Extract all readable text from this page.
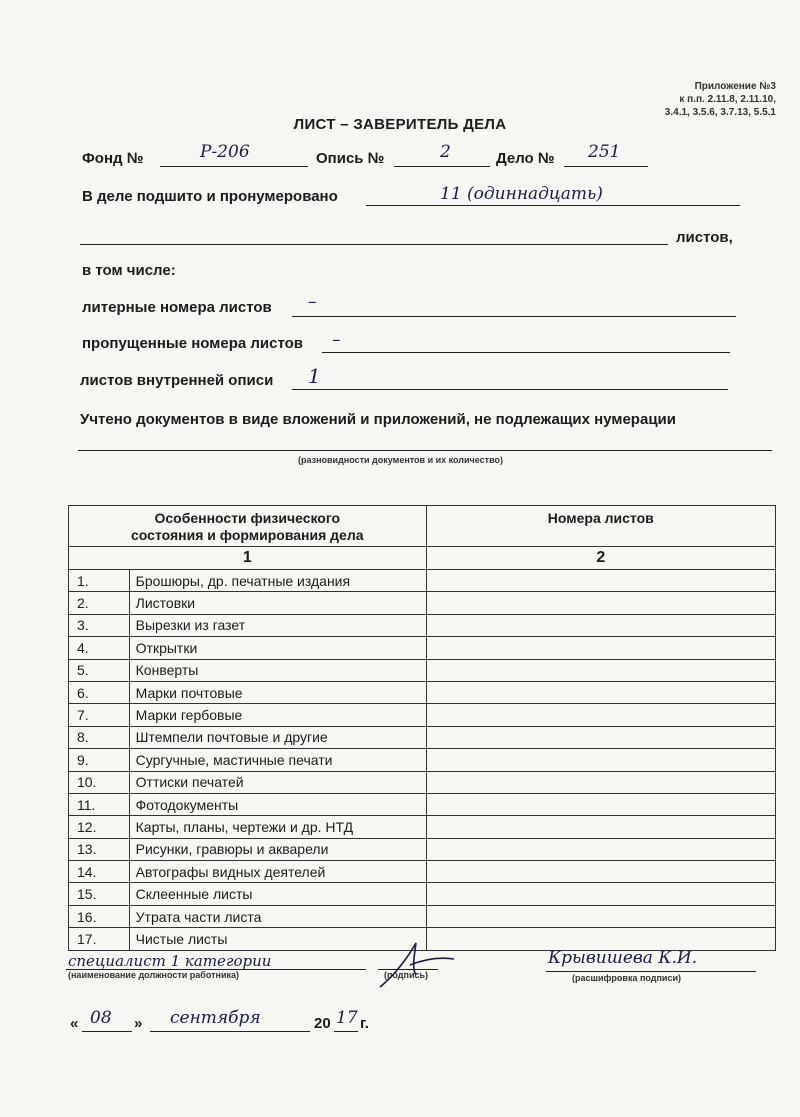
Приложение №3
к п.п. 2.11.8, 2.11.10,
3.4.1, 3.5.6, 3.7.13, 5.5.1
ЛИСТ – ЗАВЕРИТЕЛЬ ДЕЛА
Фонд №	Р-206	Опись №	2	Дело № 251
В деле подшито и пронумеровано	11 (одиннадцать)
листов,
в том числе:
литерные номера листов –
пропущенные номера листов –
листов внутренней описи 1
Учтено документов в виде вложений и приложений, не подлежащих нумерации
(разновидности документов и их количество)
Особенности физического состояния и формирования дела		Номера листов
1		2
1.	Брошюры, др. печатные издания	
2.	Листовки	
3.	Вырезки из газет	
4.	Открытки	
5.	Конверты	
6.	Марки почтовые	
7.	Марки гербовые	
8.	Штемпели почтовые и другие	
9.	Сургучные, мастичные печати	
10.	Оттиски печатей	
11.	Фотодокументы	
12.	Карты, планы, чертежи и др. НТД	
13.	Рисунки, гравюры и акварели	
14.	Автографы видных деятелей	
15.	Склеенные листы	
16.	Утрата части листа	
17.	Чистые листы	
специалист 1 категории
(наименование должности работника)	(подпись)
Крывишева К.И.
(расшифровка подписи)
« 08 » сентября	20 17 г.
